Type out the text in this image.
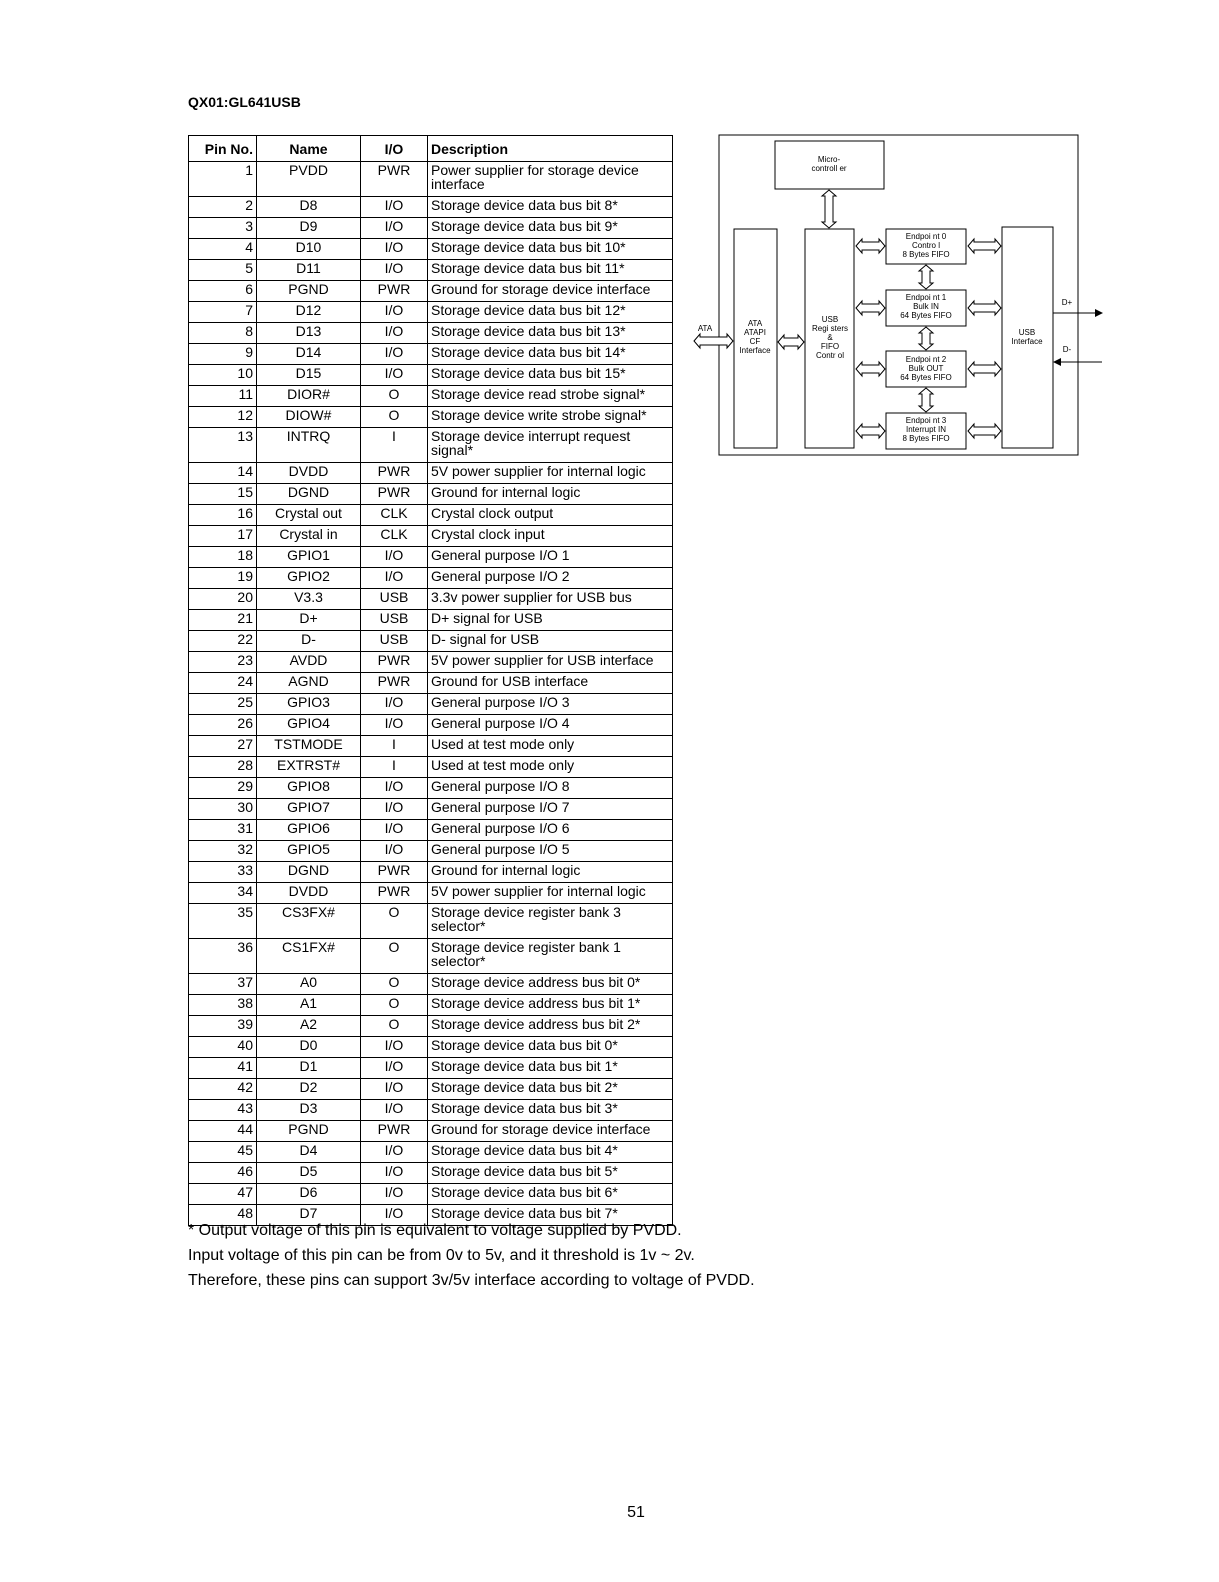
QX01:GL641USB
Pin No.	Name	I/O	Description
1	PVDD	PWR	Power supplier for storage device interface
2	D8	I/O	Storage device data bus bit 8*
3	D9	I/O	Storage device data bus bit 9*
4	D10	I/O	Storage device data bus bit 10*
5	D11	I/O	Storage device data bus bit 11*
6	PGND	PWR	Ground for storage device interface
7	D12	I/O	Storage device data bus bit 12*
8	D13	I/O	Storage device data bus bit 13*
9	D14	I/O	Storage device data bus bit 14*
10	D15	I/O	Storage device data bus bit 15*
11	DIOR#	O	Storage device read strobe signal*
12	DIOW#	O	Storage device write strobe signal*
13	INTRQ	I	Storage device interrupt request signal*
14	DVDD	PWR	5V power supplier for internal logic
15	DGND	PWR	Ground for internal logic
16	Crystal out	CLK	Crystal clock output
17	Crystal in	CLK	Crystal clock input
18	GPIO1	I/O	General purpose I/O 1
19	GPIO2	I/O	General purpose I/O 2
20	V3.3	USB	3.3v power supplier for USB bus
21	D+	USB	D+ signal for USB
22	D-	USB	D- signal for USB
23	AVDD	PWR	5V power supplier for USB interface
24	AGND	PWR	Ground for USB interface
25	GPIO3	I/O	General purpose I/O 3
26	GPIO4	I/O	General purpose I/O 4
27	TSTMODE	I	Used at test mode only
28	EXTRST#	I	Used at test mode only
29	GPIO8	I/O	General purpose I/O 8
30	GPIO7	I/O	General purpose I/O 7
31	GPIO6	I/O	General purpose I/O 6
32	GPIO5	I/O	General purpose I/O 5
33	DGND	PWR	Ground for internal logic
34	DVDD	PWR	5V power supplier for internal logic
35	CS3FX#	O	Storage device register bank 3 selector*
36	CS1FX#	O	Storage device register bank 1 selector*
37	A0	O	Storage device address bus bit 0*
38	A1	O	Storage device address bus bit 1*
39	A2	O	Storage device address bus bit 2*
40	D0	I/O	Storage device data bus bit 0*
41	D1	I/O	Storage device data bus bit 1*
42	D2	I/O	Storage device data bus bit 2*
43	D3	I/O	Storage device data bus bit 3*
44	PGND	PWR	Ground for storage device interface
45	D4	I/O	Storage device data bus bit 4*
46	D5	I/O	Storage device data bus bit 5*
47	D6	I/O	Storage device data bus bit 6*
48	D7	I/O	Storage device data bus bit 7*
Micro-controll er
ATA ATAPI CF Interface
USB Regi sters & FIFO Contr ol
Endpoi nt 0 Contro l 8 Bytes FIFO
Endpoi nt 1 Bulk IN 64 Bytes FIFO
Endpoi nt 2 Bulk OUT 64 Bytes FIFO
Endpoi nt 3 Interrupt IN 8 Bytes FIFO
USB Interface
ATA
D+
D-
* Output voltage of this pin is equivalent to voltage supplied by PVDD.
Input voltage of this pin can be from 0v to 5v, and it threshold is 1v ~ 2v.
Therefore, these pins can support 3v/5v interface according to voltage of PVDD.
51
